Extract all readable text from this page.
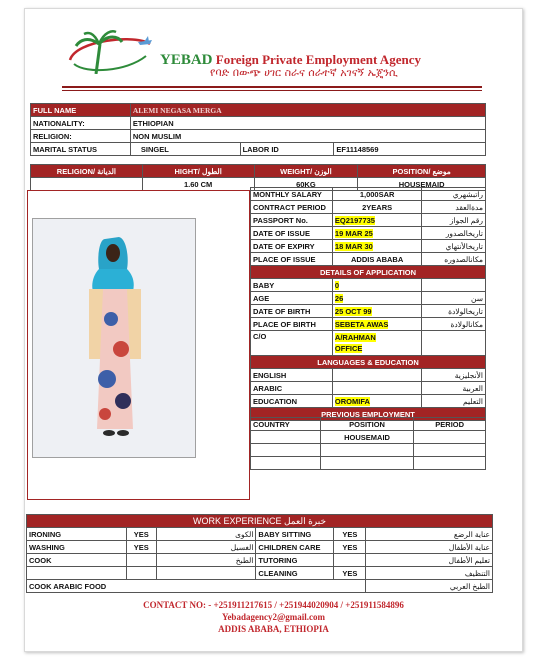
YEBAD Foreign Private Employment Agency
የባድ በውጭ ሀገር ስራና ሰራተኛ አገናኝ ኤጄንሲ
FULL NAME	ALEMI NEGASA MERGA		
NATIONALITY:	ETHIOPIAN		
RELIGION:	NON MUSLIM		
MARITAL STATUS	SINGEL	LABOR ID	EF11148569
RELIGION/ الديانة	HIGHT/ الطول	WEIGHT/ الوزن	POSITION/ موضع
	1.60 CM	60KG	HOUSEMAID
MONTHLY SALARY	1,000SAR	راتبشهري
CONTRACT PERIOD	2YEARS	مدةالعقد
PASSPORT No.	EQ2197735	رقم الجواز
DATE OF ISSUE	19 MAR 25	تاريخالصدور
DATE OF EXPIRY	18 MAR 30	تاريخالأنتهاي
PLACE OF ISSUE	ADDIS ABABA	مكانالصدوره
DETAILS OF APPLICATION		
BABY	0	
AGE	26	سن
DATE OF BIRTH	25 OCT 99	تاريخالولادة
PLACE OF BIRTH	SEBETA AWAS	مكانالولادة
C/O	A/RAHMAN
OFFICE	
LANGUAGES & EDUCATION		
ENGLISH		الأنجليزية
ARABIC		العربية
EDUCATION	OROMIFA	التعليم
PREVIOUS EMPLOYMENT		
COUNTRY	POSITION	PERIOD
	HOUSEMAID	

WORK EXPERIENCE خبرة العمل					
IRONING	YES	الكوى	BABY SITTING	YES	عناية الرضع
WASHING	YES	الغسيل	CHILDREN CARE	YES	عناية الأطفال
COOK		الطبخ	TUTORING		تعليم الأطفال
			CLEANING	YES	التنظيف
COOK ARABIC FOOD					الطبخ العربي
CONTACT NO: - +251911217615 / +251944020904 / +251911584896
Yebadagency2@gmail.com
ADDIS ABABA, ETHIOPIA
